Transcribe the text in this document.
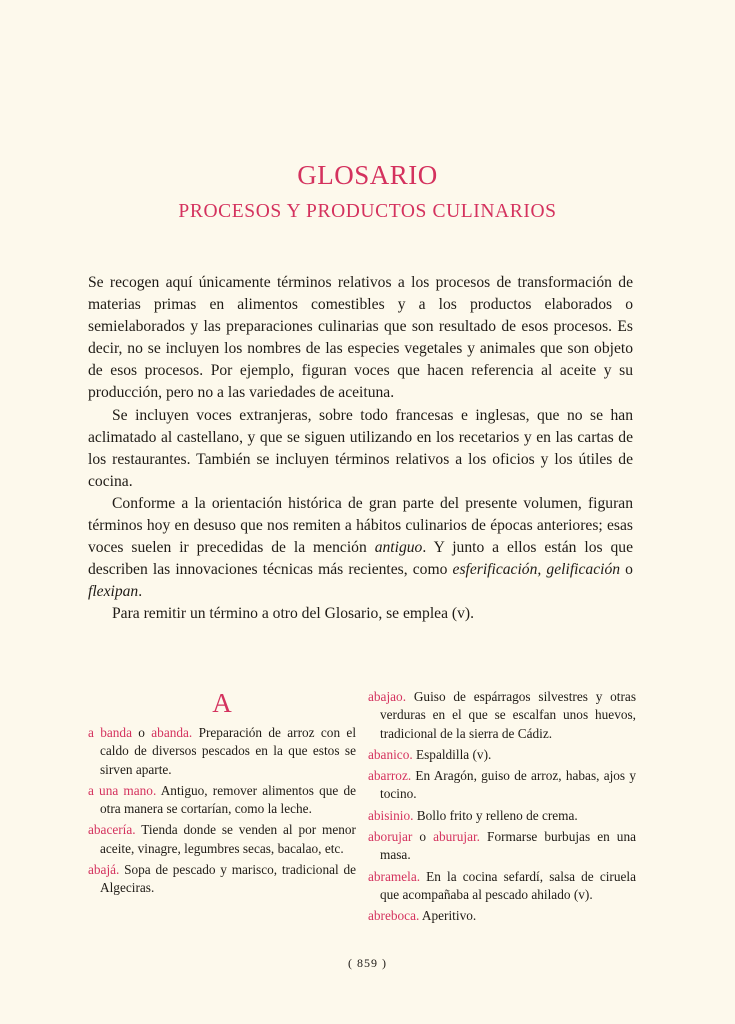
GLOSARIO
PROCESOS Y PRODUCTOS CULINARIOS

Se recogen aquí únicamente términos relativos a los procesos de transformación de materias primas en alimentos comestibles y a los productos elaborados o semielaborados y las preparaciones culinarias que son resultado de esos procesos. Es decir, no se incluyen los nombres de las especies vegetales y animales que son objeto de esos procesos. Por ejemplo, figuran voces que hacen referencia al aceite y su producción, pero no a las variedades de aceituna.

Se incluyen voces extranjeras, sobre todo francesas e inglesas, que no se han aclimatado al castellano, y que se siguen utilizando en los recetarios y en las cartas de los restaurantes. También se incluyen términos relativos a los oficios y los útiles de cocina.

Conforme a la orientación histórica de gran parte del presente volumen, figuran términos hoy en desuso que nos remiten a hábitos culinarios de épocas anteriores; esas voces suelen ir precedidas de la mención antiguo. Y junto a ellos están los que describen las innovaciones técnicas más recientes, como esferificación, gelificación o flexipan.

Para remitir un término a otro del Glosario, se emplea (v).

A
a banda o abanda. Preparación de arroz con el caldo de diversos pescados en la que estos se sirven aparte.
a una mano. Antiguo, remover alimentos que de otra manera se cortarían, como la leche.
abacería. Tienda donde se venden al por menor aceite, vinagre, legumbres secas, bacalao, etc.
abajá. Sopa de pescado y marisco, tradicional de Algeciras.
abajao. Guiso de espárragos silvestres y otras verduras en el que se escalfan unos huevos, tradicional de la sierra de Cádiz.
abanico. Espaldilla (v).
abarroz. En Aragón, guiso de arroz, habas, ajos y tocino.
abisinio. Bollo frito y relleno de crema.
aborujar o aburujar. Formarse burbujas en una masa.
abramela. En la cocina sefardí, salsa de ciruela que acompañaba al pescado ahilado (v).
abreboca. Aperitivo.
( 859 )
